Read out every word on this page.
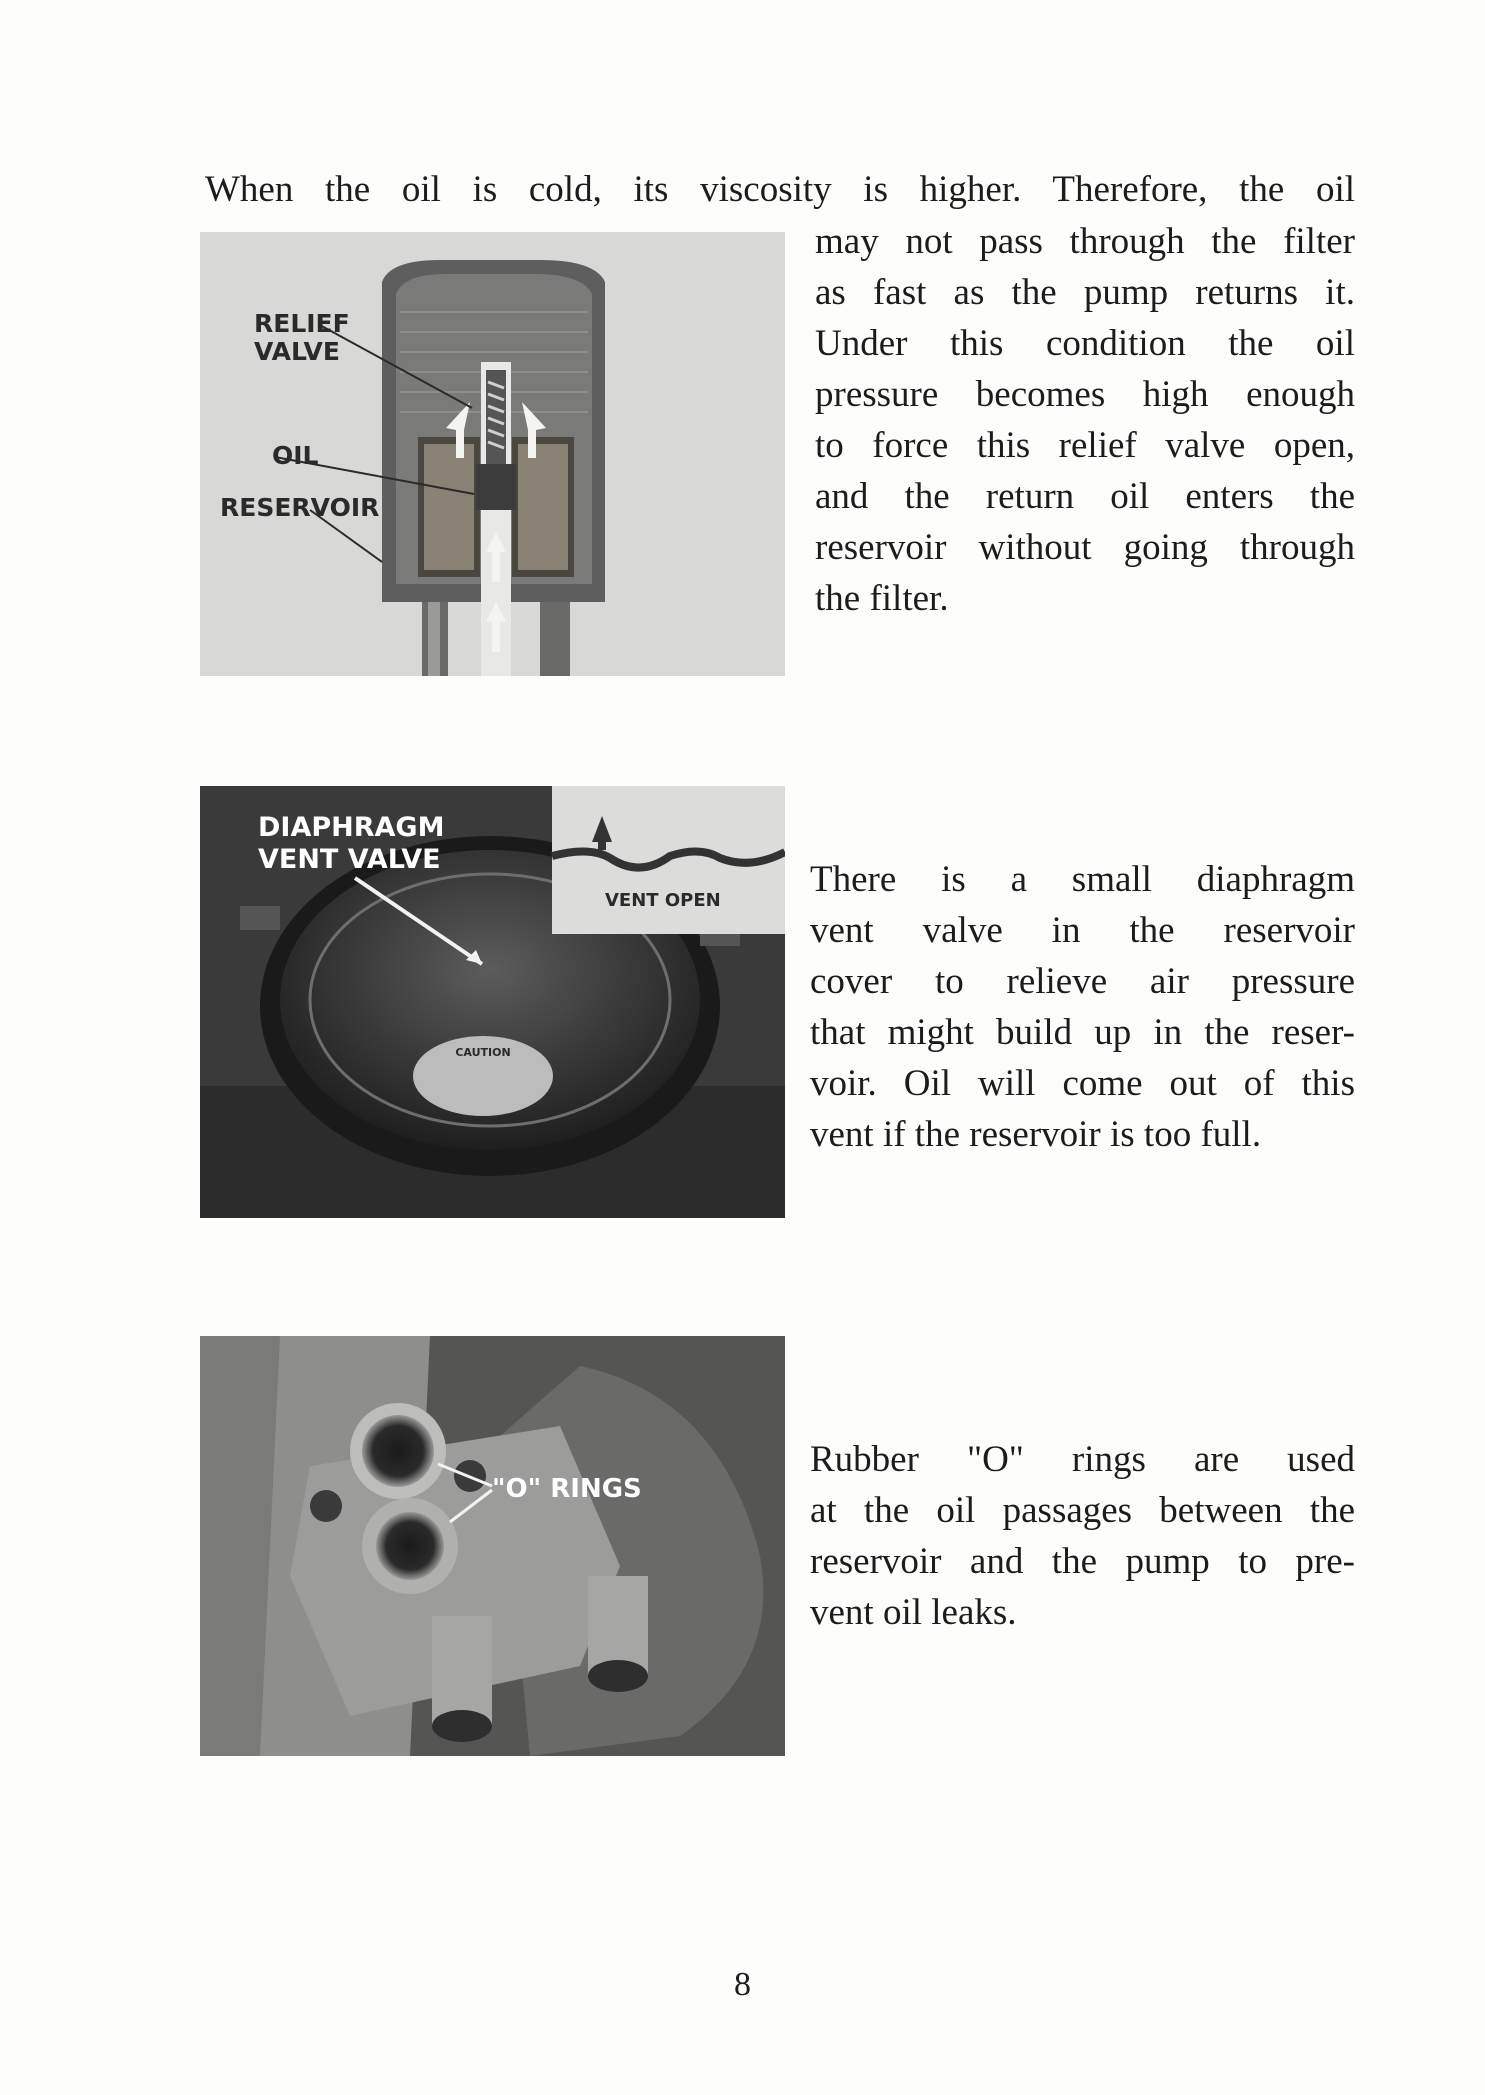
When the oil is cold, its viscosity is higher. Therefore, the oil

may not pass through the filter
as fast as the pump returns it.
Under this condition the oil
pressure becomes high enough
to force this relief valve open,
and the return oil enters the
reservoir without going through
the filter.

RELIEF
VALVE
OIL
RESERVOIR
CAUTION
VENT OPEN
DIAPHRAGM
VENT VALVE	There is a small diaphragm
vent valve in the reservoir
cover to relieve air pressure
that might build up in the reser-
voir. Oil will come out of this
vent if the reservoir is too full.

"O" RINGS

Rubber "O" rings are used
at the oil passages between the
reservoir and the pump to pre-
vent oil leaks.

8
